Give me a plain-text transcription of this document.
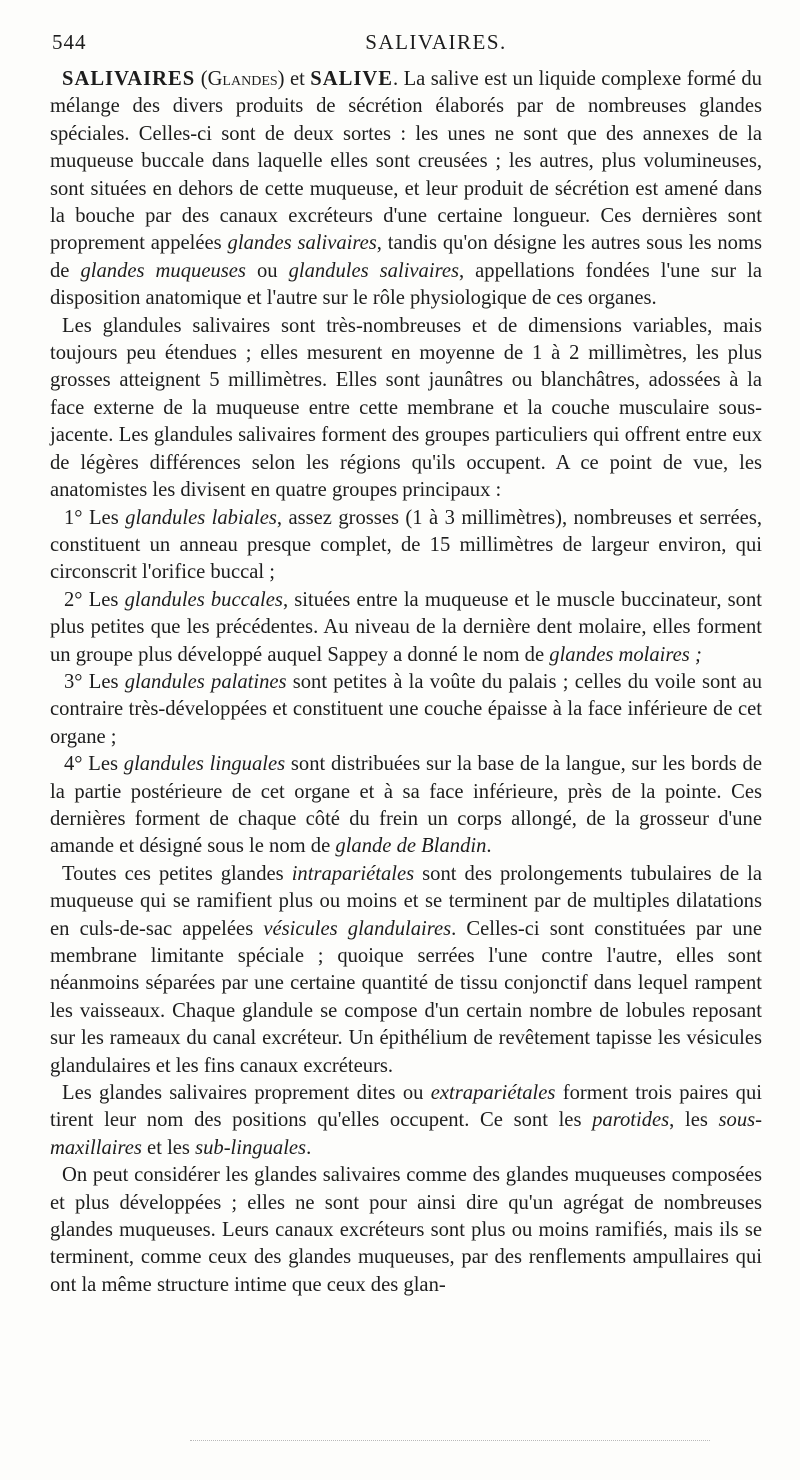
544	SALIVAIRES.

SALIVAIRES (Glandes) et SALIVE. La salive est un liquide complexe formé du mélange des divers produits de sécrétion élaborés par de nombreuses glandes spéciales. Celles-ci sont de deux sortes : les unes ne sont que des annexes de la muqueuse buccale dans laquelle elles sont creusées ; les autres, plus volumineuses, sont situées en dehors de cette muqueuse, et leur produit de sécrétion est amené dans la bouche par des canaux excréteurs d'une certaine longueur. Ces dernières sont proprement appelées glandes salivaires, tandis qu'on désigne les autres sous les noms de glandes muqueuses ou glandules salivaires, appellations fondées l'une sur la disposition anatomique et l'autre sur le rôle physiologique de ces organes.

Les glandules salivaires sont très-nombreuses et de dimensions variables, mais toujours peu étendues ; elles mesurent en moyenne de 1 à 2 millimètres, les plus grosses atteignent 5 millimètres. Elles sont jaunâtres ou blanchâtres, adossées à la face externe de la muqueuse entre cette membrane et la couche musculaire sous-jacente. Les glandules salivaires forment des groupes particuliers qui offrent entre eux de légères différences selon les régions qu'ils occupent. A ce point de vue, les anatomistes les divisent en quatre groupes principaux :

1° Les glandules labiales, assez grosses (1 à 3 millimètres), nombreuses et serrées, constituent un anneau presque complet, de 15 millimètres de largeur environ, qui circonscrit l'orifice buccal ;

2° Les glandules buccales, situées entre la muqueuse et le muscle buccinateur, sont plus petites que les précédentes. Au niveau de la dernière dent molaire, elles forment un groupe plus développé auquel Sappey a donné le nom de glandes molaires ;

3° Les glandules palatines sont petites à la voûte du palais ; celles du voile sont au contraire très-développées et constituent une couche épaisse à la face inférieure de cet organe ;

4° Les glandules linguales sont distribuées sur la base de la langue, sur les bords de la partie postérieure de cet organe et à sa face inférieure, près de la pointe. Ces dernières forment de chaque côté du frein un corps allongé, de la grosseur d'une amande et désigné sous le nom de glande de Blandin.

Toutes ces petites glandes intrapariétales sont des prolongements tubulaires de la muqueuse qui se ramifient plus ou moins et se terminent par de multiples dilatations en culs-de-sac appelées vésicules glandulaires. Celles-ci sont constituées par une membrane limitante spéciale ; quoique serrées l'une contre l'autre, elles sont néanmoins séparées par une certaine quantité de tissu conjonctif dans lequel rampent les vaisseaux. Chaque glandule se compose d'un certain nombre de lobules reposant sur les rameaux du canal excréteur. Un épithélium de revêtement tapisse les vésicules glandulaires et les fins canaux excréteurs.

Les glandes salivaires proprement dites ou extrapariétales forment trois paires qui tirent leur nom des positions qu'elles occupent. Ce sont les parotides, les sous-maxillaires et les sub-linguales.

On peut considérer les glandes salivaires comme des glandes muqueuses composées et plus développées ; elles ne sont pour ainsi dire qu'un agrégat de nombreuses glandes muqueuses. Leurs canaux excréteurs sont plus ou moins ramifiés, mais ils se terminent, comme ceux des glandes muqueuses, par des renflements ampullaires qui ont la même structure intime que ceux des glan-
